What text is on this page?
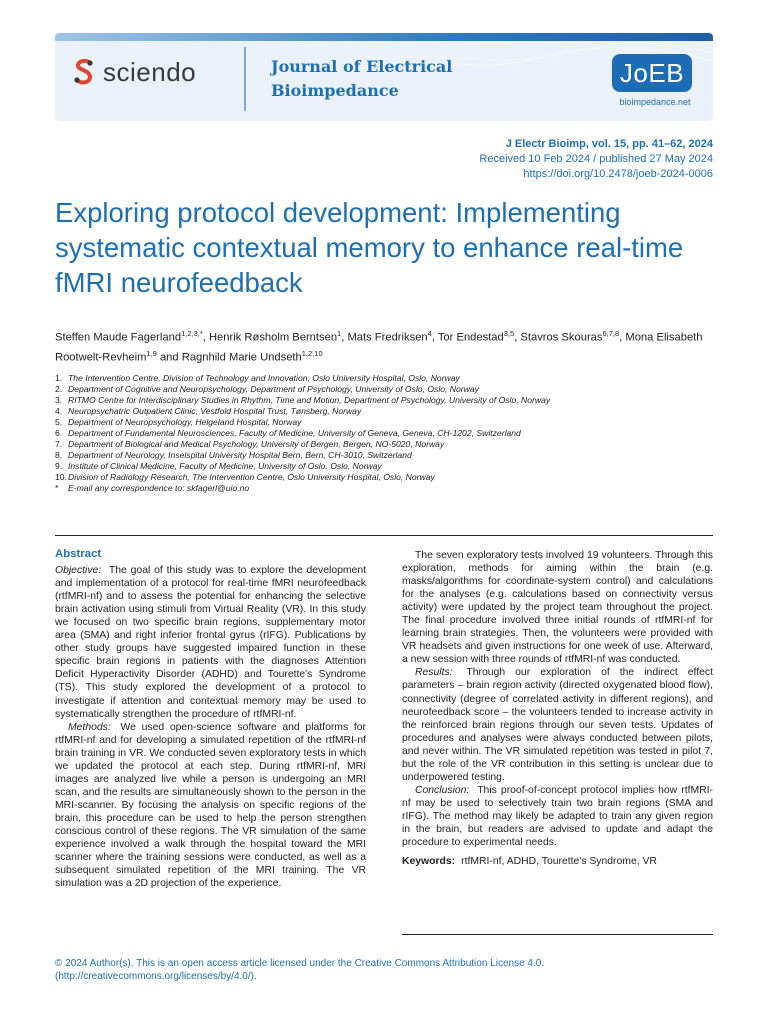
sciendo	Journal of Electrical
Bioimpedance
JoEB
bioimpedance.net
J Electr Bioimp, vol. 15, pp. 41–62, 2024
Received 10 Feb 2024 / published 27 May 2024
https://doi.org/10.2478/joeb-2024-0006
Exploring protocol development: Implementing systematic contextual memory to enhance real-time fMRI neurofeedback
Steffen Maude Fagerland$^{1,2,3,*}$, Henrik Røsholm Berntsen$^1$, Mats Fredriksen$^4$, Tor Endestad$^{3,5}$, Stavros Skouras$^{6,7,8}$, Mona Elisabeth Rootwelt-Revheim$^{1,9}$ and Ragnhild Marie Undseth$^{1,2,10}$
1. The Intervention Centre, Division of Technology and Innovation, Oslo University Hospital, Oslo, Norway
2. Department of Cognitive and Neuropsychology, Department of Psychology, University of Oslo, Oslo, Norway
3. RITMO Centre for Interdisciplinary Studies in Rhythm, Time and Motion, Department of Psychology, University of Oslo, Norway
4. Neuropsychatric Outpatient Clinic, Vestfold Hospital Trust, Tønsberg, Norway
5. Department of Neuropsychology, Helgeland Hospital, Norway
6. Department of Fundamental Neurosciences, Faculty of Medicine, University of Geneva, Geneva, CH-1202, Switzerland
7. Department of Biological and Medical Psychology, University of Bergen, Bergen, NO-5020, Norway
8. Department of Neurology, Inselspital University Hospital Bern, Bern, CH-3010, Switzerland
9. Institute of Clinical Medicine, Faculty of Medicine, University of Oslo, Oslo, Norway
10. Division of Radiology Research, The Intervention Centre, Oslo University Hospital, Oslo, Norway
*	E-mail any correspondence to: skfagerl@uio.no
Abstract

Objective: The goal of this study was to explore the development and implementation of a protocol for real-time fMRI neurofeedback (rtfMRI-nf) and to assess the potential for enhancing the selective brain activation using stimuli from Virtual Reality (VR). In this study we focused on two specific brain regions, supplementary motor area (SMA) and right inferior frontal gyrus (rIFG). Publications by other study groups have suggested impaired function in these specific brain regions in patients with the diagnoses Attention Deficit Hyperactivity Disorder (ADHD) and Tourette's Syndrome (TS). This study explored the development of a protocol to investigate if attention and contextual memory may be used to systematically strengthen the procedure of rtfMRI-nf.

Methods: We used open-science software and platforms for rtfMRI-nf and for developing a simulated repetition of the rtfMRI-nf brain training in VR. We conducted seven exploratory tests in which we updated the protocol at each step. During rtfMRI-nf, MRI images are analyzed live while a person is undergoing an MRI scan, and the results are simultaneously shown to the person in the MRI-scanner. By focusing the analysis on specific regions of the brain, this procedure can be used to help the person strengthen conscious control of these regions. The VR simulation of the same experience involved a walk through the hospital toward the MRI scanner where the training sessions were conducted, as well as a subsequent simulated repetition of the MRI training. The VR simulation was a 2D projection of the experience.

The seven exploratory tests involved 19 volunteers. Through this exploration, methods for aiming within the brain (e.g. masks/algorithms for coordinate-system control) and calculations for the analyses (e.g. calculations based on connectivity versus activity) were updated by the project team throughout the project. The final procedure involved three initial rounds of rtfMRI-nf for learning brain strategies. Then, the volunteers were provided with VR headsets and given instructions for one week of use. Afterward, a new session with three rounds of rtfMRI-nf was conducted.

Results: Through our exploration of the indirect effect parameters – brain region activity (directed oxygenated blood flow), connectivity (degree of correlated activity in different regions), and neurofeedback score – the volunteers tended to increase activity in the reinforced brain regions through our seven tests. Updates of procedures and analyses were always conducted between pilots, and never within. The VR simulated repetition was tested in pilot 7, but the role of the VR contribution in this setting is unclear due to underpowered testing.

Conclusion: This proof-of-concept protocol implies how rtfMRI-nf may be used to selectively train two brain regions (SMA and rIFG). The method may likely be adapted to train any given region in the brain, but readers are advised to update and adapt the procedure to experimental needs.

Keywords: rtfMRI-nf, ADHD, Tourette's Syndrome, VR

© 2024 Author(s). This is an open access article licensed under the Creative Commons Attribution License 4.0. (http://creativecommons.org/licenses/by/4.0/).
